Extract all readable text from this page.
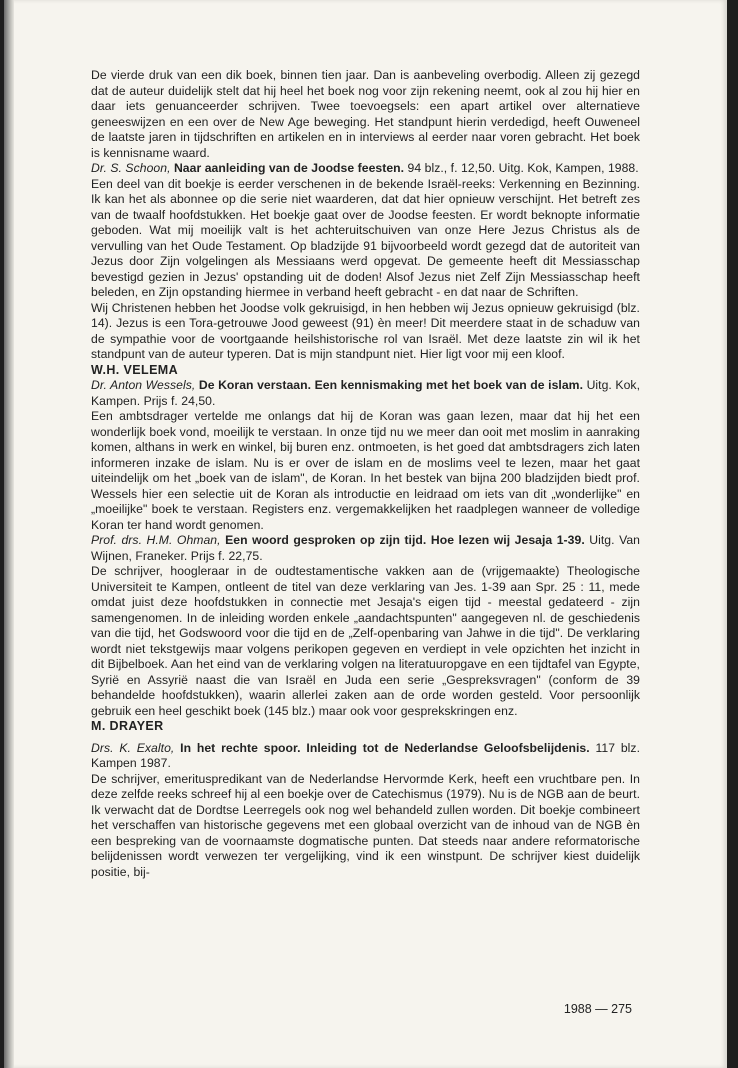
De vierde druk van een dik boek, binnen tien jaar. Dan is aanbeveling overbodig. Alleen zij gezegd dat de auteur duidelijk stelt dat hij heel het boek nog voor zijn rekening neemt, ook al zou hij hier en daar iets genuanceerder schrijven. Twee toevoegsels: een apart artikel over alternatieve geneeswijzen en een over de New Age beweging. Het standpunt hierin verdedigd, heeft Ouweneel de laatste jaren in tijdschriften en artikelen en in interviews al eerder naar voren gebracht. Het boek is kennisname waard.

Dr. S. Schoon, Naar aanleiding van de Joodse feesten. 94 blz., f. 12,50. Uitg. Kok, Kampen, 1988.

Een deel van dit boekje is eerder verschenen in de bekende Israël-reeks: Verkenning en Bezinning. Ik kan het als abonnee op die serie niet waarderen, dat dat hier opnieuw verschijnt. Het betreft zes van de twaalf hoofdstukken. Het boekje gaat over de Joodse feesten. Er wordt beknopte informatie geboden. Wat mij moeilijk valt is het achteruitschuiven van onze Here Jezus Christus als de vervulling van het Oude Testament. Op bladzijde 91 bijvoorbeeld wordt gezegd dat de autoriteit van Jezus door Zijn volgelingen als Messiaans werd opgevat. De gemeente heeft dit Messiasschap bevestigd gezien in Jezus' opstanding uit de doden! Alsof Jezus niet Zelf Zijn Messiasschap heeft beleden, en Zijn opstanding hiermee in verband heeft gebracht - en dat naar de Schriften.

Wij Christenen hebben het Joodse volk gekruisigd, in hen hebben wij Jezus opnieuw gekruisigd (blz. 14). Jezus is een Tora-getrouwe Jood geweest (91) èn meer! Dit meerdere staat in de schaduw van de sympathie voor de voortgaande heilshistorische rol van Israël. Met deze laatste zin wil ik het standpunt van de auteur typeren. Dat is mijn standpunt niet. Hier ligt voor mij een kloof.

W.H. VELEMA

Dr. Anton Wessels, De Koran verstaan. Een kennismaking met het boek van de islam. Uitg. Kok, Kampen. Prijs f. 24,50.

Een ambtsdrager vertelde me onlangs dat hij de Koran was gaan lezen, maar dat hij het een wonderlijk boek vond, moeilijk te verstaan. In onze tijd nu we meer dan ooit met moslim in aanraking komen, althans in werk en winkel, bij buren enz. ontmoeten, is het goed dat ambtsdragers zich laten informeren inzake de islam. Nu is er over de islam en de moslims veel te lezen, maar het gaat uiteindelijk om het „boek van de islam", de Koran. In het bestek van bijna 200 bladzijden biedt prof. Wessels hier een selectie uit de Koran als introductie en leidraad om iets van dit „wonderlijke" en „moeilijke" boek te verstaan. Registers enz. vergemakkelijken het raadplegen wanneer de volledige Koran ter hand wordt genomen.

Prof. drs. H.M. Ohman, Een woord gesproken op zijn tijd. Hoe lezen wij Jesaja 1-39. Uitg. Van Wijnen, Franeker. Prijs f. 22,75.

De schrijver, hoogleraar in de oudtestamentische vakken aan de (vrijgemaakte) Theologische Universiteit te Kampen, ontleent de titel van deze verklaring van Jes. 1-39 aan Spr. 25 : 11, mede omdat juist deze hoofdstukken in connectie met Jesaja's eigen tijd - meestal gedateerd - zijn samengenomen. In de inleiding worden enkele „aandachtspunten" aangegeven nl. de geschiedenis van die tijd, het Godswoord voor die tijd en de „Zelf-openbaring van Jahwe in die tijd". De verklaring wordt niet tekstgewijs maar volgens perikopen gegeven en verdiept in vele opzichten het inzicht in dit Bijbelboek. Aan het eind van de verklaring volgen na literatuuropgave en een tijdtafel van Egypte, Syrië en Assyrië naast die van Israël en Juda een serie „Gespreksvragen" (conform de 39 behandelde hoofdstukken), waarin allerlei zaken aan de orde worden gesteld. Voor persoonlijk gebruik een heel geschikt boek (145 blz.) maar ook voor gesprekskringen enz.

M. DRAYER

Drs. K. Exalto, In het rechte spoor. Inleiding tot de Nederlandse Geloofsbelijdenis. 117 blz. Kampen 1987.

De schrijver, emerituspredikant van de Nederlandse Hervormde Kerk, heeft een vruchtbare pen. In deze zelfde reeks schreef hij al een boekje over de Catechismus (1979). Nu is de NGB aan de beurt. Ik verwacht dat de Dordtse Leerregels ook nog wel behandeld zullen worden. Dit boekje combineert het verschaffen van historische gegevens met een globaal overzicht van de inhoud van de NGB èn een bespreking van de voornaamste dogmatische punten. Dat steeds naar andere reformatorische belijdenissen wordt verwezen ter vergelijking, vind ik een winstpunt. De schrijver kiest duidelijk positie, bij-

1988 — 275
